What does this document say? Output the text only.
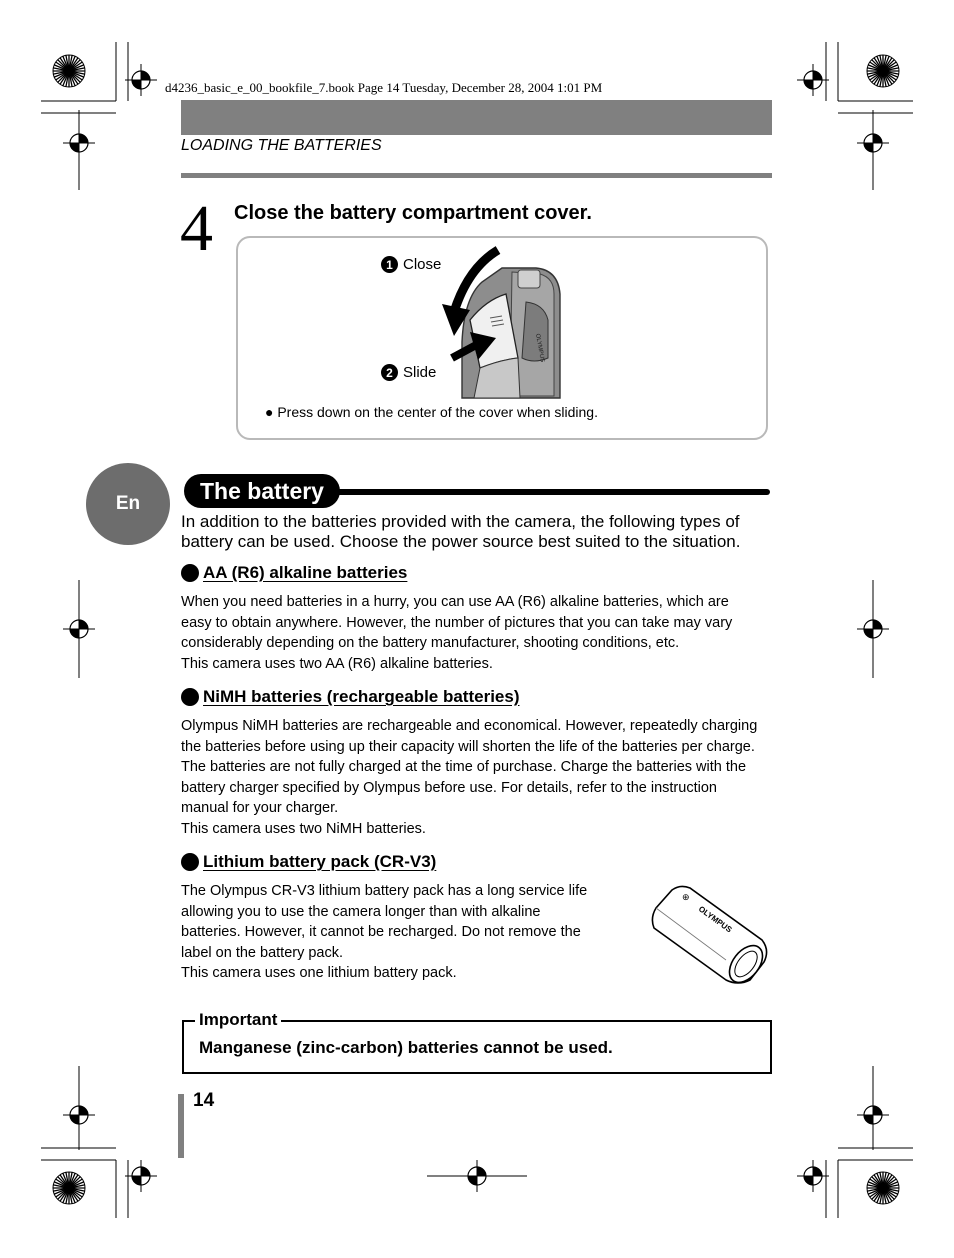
d4236_basic_e_00_bookfile_7.book Page 14 Tuesday, December 28, 2004 1:01 PM
LOADING THE BATTERIES
4 Close the battery compartment cover.
1 Close
2 Slide
OLYMPUS
● Press down on the center of the cover when sliding.
En	The battery
In addition to the batteries provided with the camera, the following types of battery can be used. Choose the power source best suited to the situation.
AA (R6) alkaline batteries
When you need batteries in a hurry, you can use AA (R6) alkaline batteries, which are
easy to obtain anywhere. However, the number of pictures that you can take may vary
considerably depending on the battery manufacturer, shooting conditions, etc.
This camera uses two AA (R6) alkaline batteries.
NiMH batteries (rechargeable batteries)
Olympus NiMH batteries are rechargeable and economical. However, repeatedly charging
the batteries before using up their capacity will shorten the life of the batteries per charge.
The batteries are not fully charged at the time of purchase. Charge the batteries with the
battery charger specified by Olympus before use. For details, refer to the instruction
manual for your charger.
This camera uses two NiMH batteries.
Lithium battery pack (CR-V3)
The Olympus CR-V3 lithium battery pack has a long service life
allowing you to use the camera longer than with alkaline
batteries. However, it cannot be recharged. Do not remove the
label on the battery pack.
This camera uses one lithium battery pack.
OLYMPUS
⊕
Important
Manganese (zinc-carbon) batteries cannot be used.
14
